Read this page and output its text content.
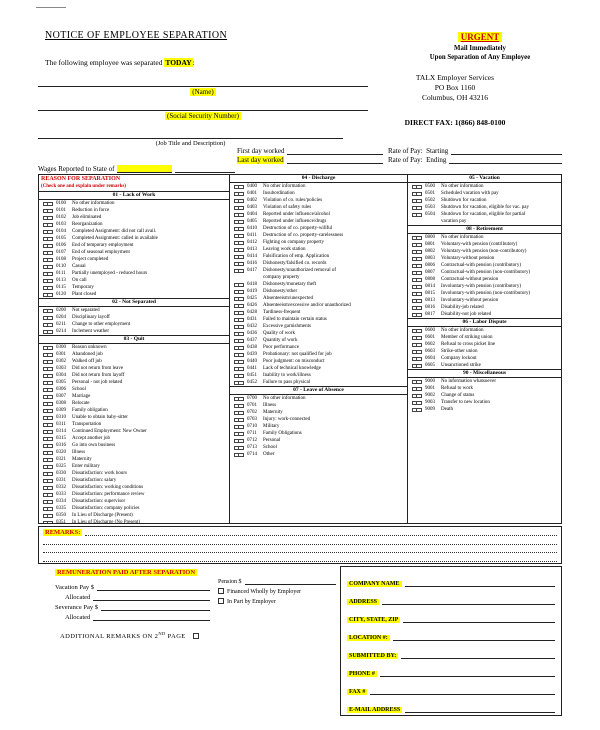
NOTICE OF EMPLOYEE SEPARATION	URGENT
Mail Immediately
Upon Separation of Any Employee
The following employee was separated TODAY:
TALX Employer Services
PO Box 1160
Columbus, OH 43216
DIRECT FAX: 1(866) 848-0100
(Name)
(Social Security Number)
(Job Title and Description)
First day worked	Rate of Pay:  Starting
Last day worked	Rate of Pay:  Ending
Wages Reported to State of
REASON FOR SEPARATION
(Check one and explain under remarks)
01 - Lack of Work
0100	No other information
0101	Reduction in force
0102	Job eliminated
0103	Reorganization
0104	Completed Assignment: did not call avail.
0105	Completed Assignment: called in available
0106	End of temporary employment
0107	End of seasonal employment
0108	Project completed
0110	Casual
0111	Partially unemployed - reduced hours
0113	On call
0115	Temporary
0120	Plant closed
02 - Not Separated
0200	Not separated
0204	Disciplinary layoff
0211	Change to other employment
0214	Inclement weather
03 - Quit
0300	Reason unknown
0301	Abandoned job
0302	Walked off job
0303	Did not return from leave
0304	Did not return from layoff
0305	Personal - not job related
0306	School
0307	Marriage
0308	Relocate
0309	Family obligation
0310	Unable to obtain baby-sitter
0311	Transportation
0314	Continued Employment: New Owner
0315	Accept another job
0316	Go into own business
0320	Illness
0321	Maternity
0325	Enter military
0330	Dissatisfaction: work hours
0331	Dissatisfaction: salary
0332	Dissatisfaction: working conditions
0333	Dissatisfaction: performance review
0334	Dissatisfaction: supervisor
0335	Dissatisfaction: company policies
0350	In Lieu of Discharge (Present)
0351	In Lieu of Discharge (No Present)
04 - Discharge
0400	No other information
0401	Insubordination
0402	Violation of co. rules/policies
0403	Violation of safety rules
0404	Reported under influence/alcohol
0405	Reported under influence/drugs
0410	Destruction of co. property-willful
0411	Destruction of co. property-carelessness
0412	Fighting on company property
0413	Leaving work station
0414	Falsification of emp. Application
0416	Dishonesty/falsified co. records
0417	Dishonesty/unauthorized removal of company property
0418	Dishonesty/monetary theft
0419	Dishonesty/other
0425	Absenteeism/unexpected
0426	Absenteeism/excessive and/or unauthorized
0428	Tardiness-frequent
0431	Failed to maintain certain status
0432	Excessive garnishments
0436	Quality of work
0437	Quantity of work
0438	Poor performance
0439	Probationary: not qualified for job
0440	Poor judgment: on misconduct
0441	Lack of technical knowledge
0451	Inability to work/illness
0452	Failure to pass physical
07 - Leave of Absence
0700	No other information
0701	Illness
0702	Maternity
0703	Injury: work-connected
0710	Military
0711	Family Obligations
0712	Personal
0713	School
0714	Other
05 - Vacation
0500	No other information
0501	Scheduled vacation with pay
0502	Shutdown for vacation
0503	Shutdown for vacation, eligible for vac. pay
0504	Shutdown for vacation, eligible for partial vacation pay
08 - Retirement
0800	No other information
0801	Voluntary-with pension (contributory)
0802	Voluntary-with pension (non-contributory)
0803	Voluntary-without pension
0806	Contractual-with pension (contributory)
0807	Contractual-with pension (non-contributory)
0808	Contractual-without pension
0814	Involuntary-with pension (contributory)
0815	Involuntary-with pension (non-contributory)
0813	Involuntary-without pension
0816	Disability-job related
0817	Disability-not job related
06 - Labor Dispute
0600	No other information
0601	Member of striking union
0602	Refusal to cross picket line
0603	Strike-other union
0604	Company lockout
0605	Unsanctioned strike
90 - Miscellaneous
9000	No information whatsoever
9001	Refusal to work
9002	Change of status
9003	Transfer to new location
9009	Death
REMARKS:
REMUNERATION PAID AFTER SEPARATION
Vacation Pay $
Allocated
Severance Pay $
Allocated
Pension $
Financed Wholly by Employer
In Part by Employer
ADDITIONAL REMARKS ON 2ND PAGE
COMPANY NAME
ADDRESS
CITY, STATE, ZIP
LOCATION #:
SUBMITTED BY:
PHONE #
FAX #
E-MAIL ADDRESS
